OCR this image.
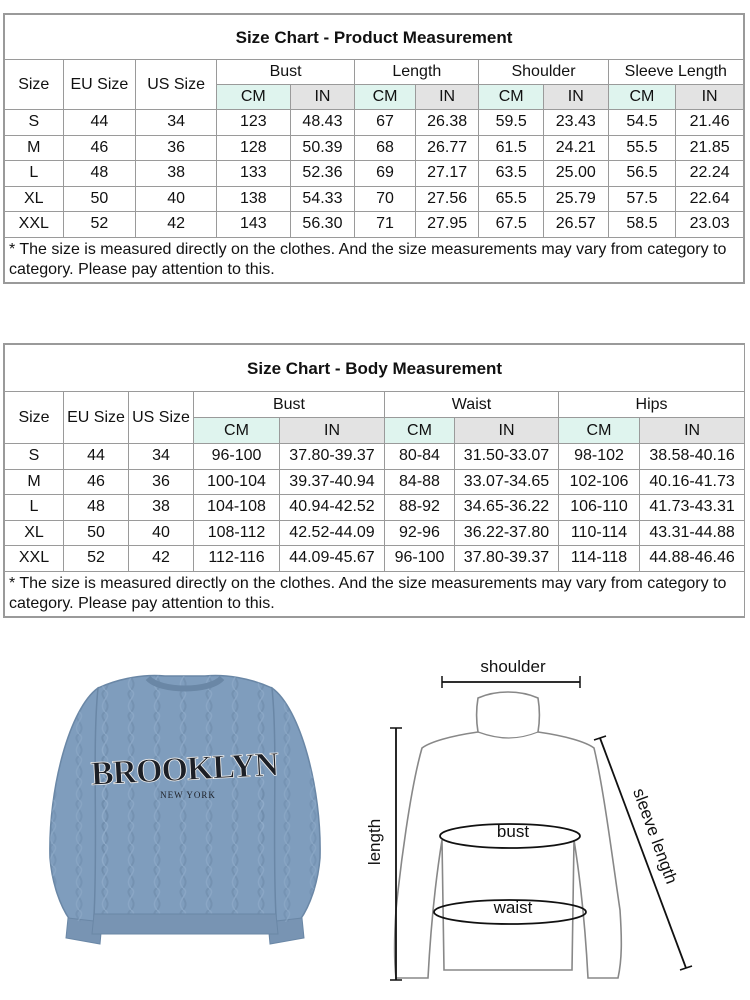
Size Chart - Product Measurement										
Size	EU Size	US Size	Bust		Length		Shoulder		Sleeve Length	
			CM	IN	CM	IN	CM	IN	CM	IN
S	44	34	123	48.43	67	26.38	59.5	23.43	54.5	21.46
M	46	36	128	50.39	68	26.77	61.5	24.21	55.5	21.85
L	48	38	133	52.36	69	27.17	63.5	25.00	56.5	22.24
XL	50	40	138	54.33	70	27.56	65.5	25.79	57.5	22.64
XXL	52	42	143	56.30	71	27.95	67.5	26.57	58.5	23.03
* The size is measured directly on the clothes. And the size measurements may vary from category to category. Please pay attention to this.										
Size Chart - Body Measurement								
Size	EU Size	US Size	Bust		Waist		Hips	
			CM	IN	CM	IN	CM	IN
S	44	34	96-100	37.80-39.37	80-84	31.50-33.07	98-102	38.58-40.16
M	46	36	100-104	39.37-40.94	84-88	33.07-34.65	102-106	40.16-41.73
L	48	38	104-108	40.94-42.52	88-92	34.65-36.22	106-110	41.73-43.31
XL	50	40	108-112	42.52-44.09	92-96	36.22-37.80	110-114	43.31-44.88
XXL	52	42	112-116	44.09-45.67	96-100	37.80-39.37	114-118	44.88-46.46
* The size is measured directly on the clothes. And the size measurements may vary from category to category. Please pay attention to this.								
BROOKLYN
NEW YORK
shoulder
length	bust
waist
sleeve length
